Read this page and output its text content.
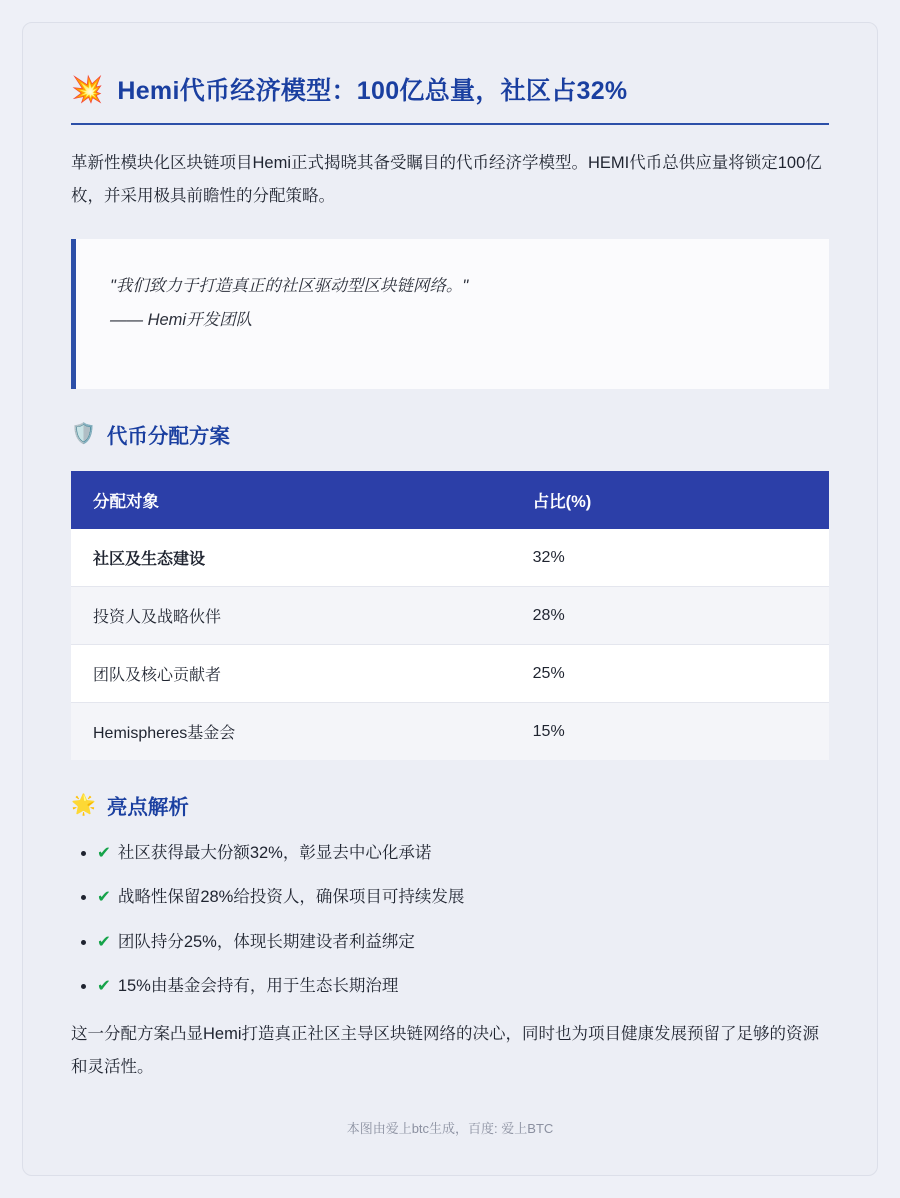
💥 Hemi代币经济模型：100亿总量，社区占32%

革新性模块化区块链项目Hemi正式揭晓其备受瞩目的代币经济学模型。HEMI代币总供应量将锁定100亿枚，并采用极具前瞻性的分配策略。

"我们致力于打造真正的社区驱动型区块链网络。"
—— Hemi开发团队
🛡️ 代币分配方案
分配对象	占比(%)
社区及生态建设	32%
投资人及战略伙伴	28%
团队及核心贡献者	25%
Hemispheres基金会	15%
🌟 亮点解析
• ✔ 社区获得最大份额32%，彰显去中心化承诺
• ✔ 战略性保留28%给投资人，确保项目可持续发展
• ✔ 团队持分25%，体现长期建设者利益绑定
• ✔ 15%由基金会持有，用于生态长期治理

这一分配方案凸显Hemi打造真正社区主导区块链网络的决心，同时也为项目健康发展预留了足够的资源和灵活性。

本图由爱上btc生成，百度: 爱上BTC
